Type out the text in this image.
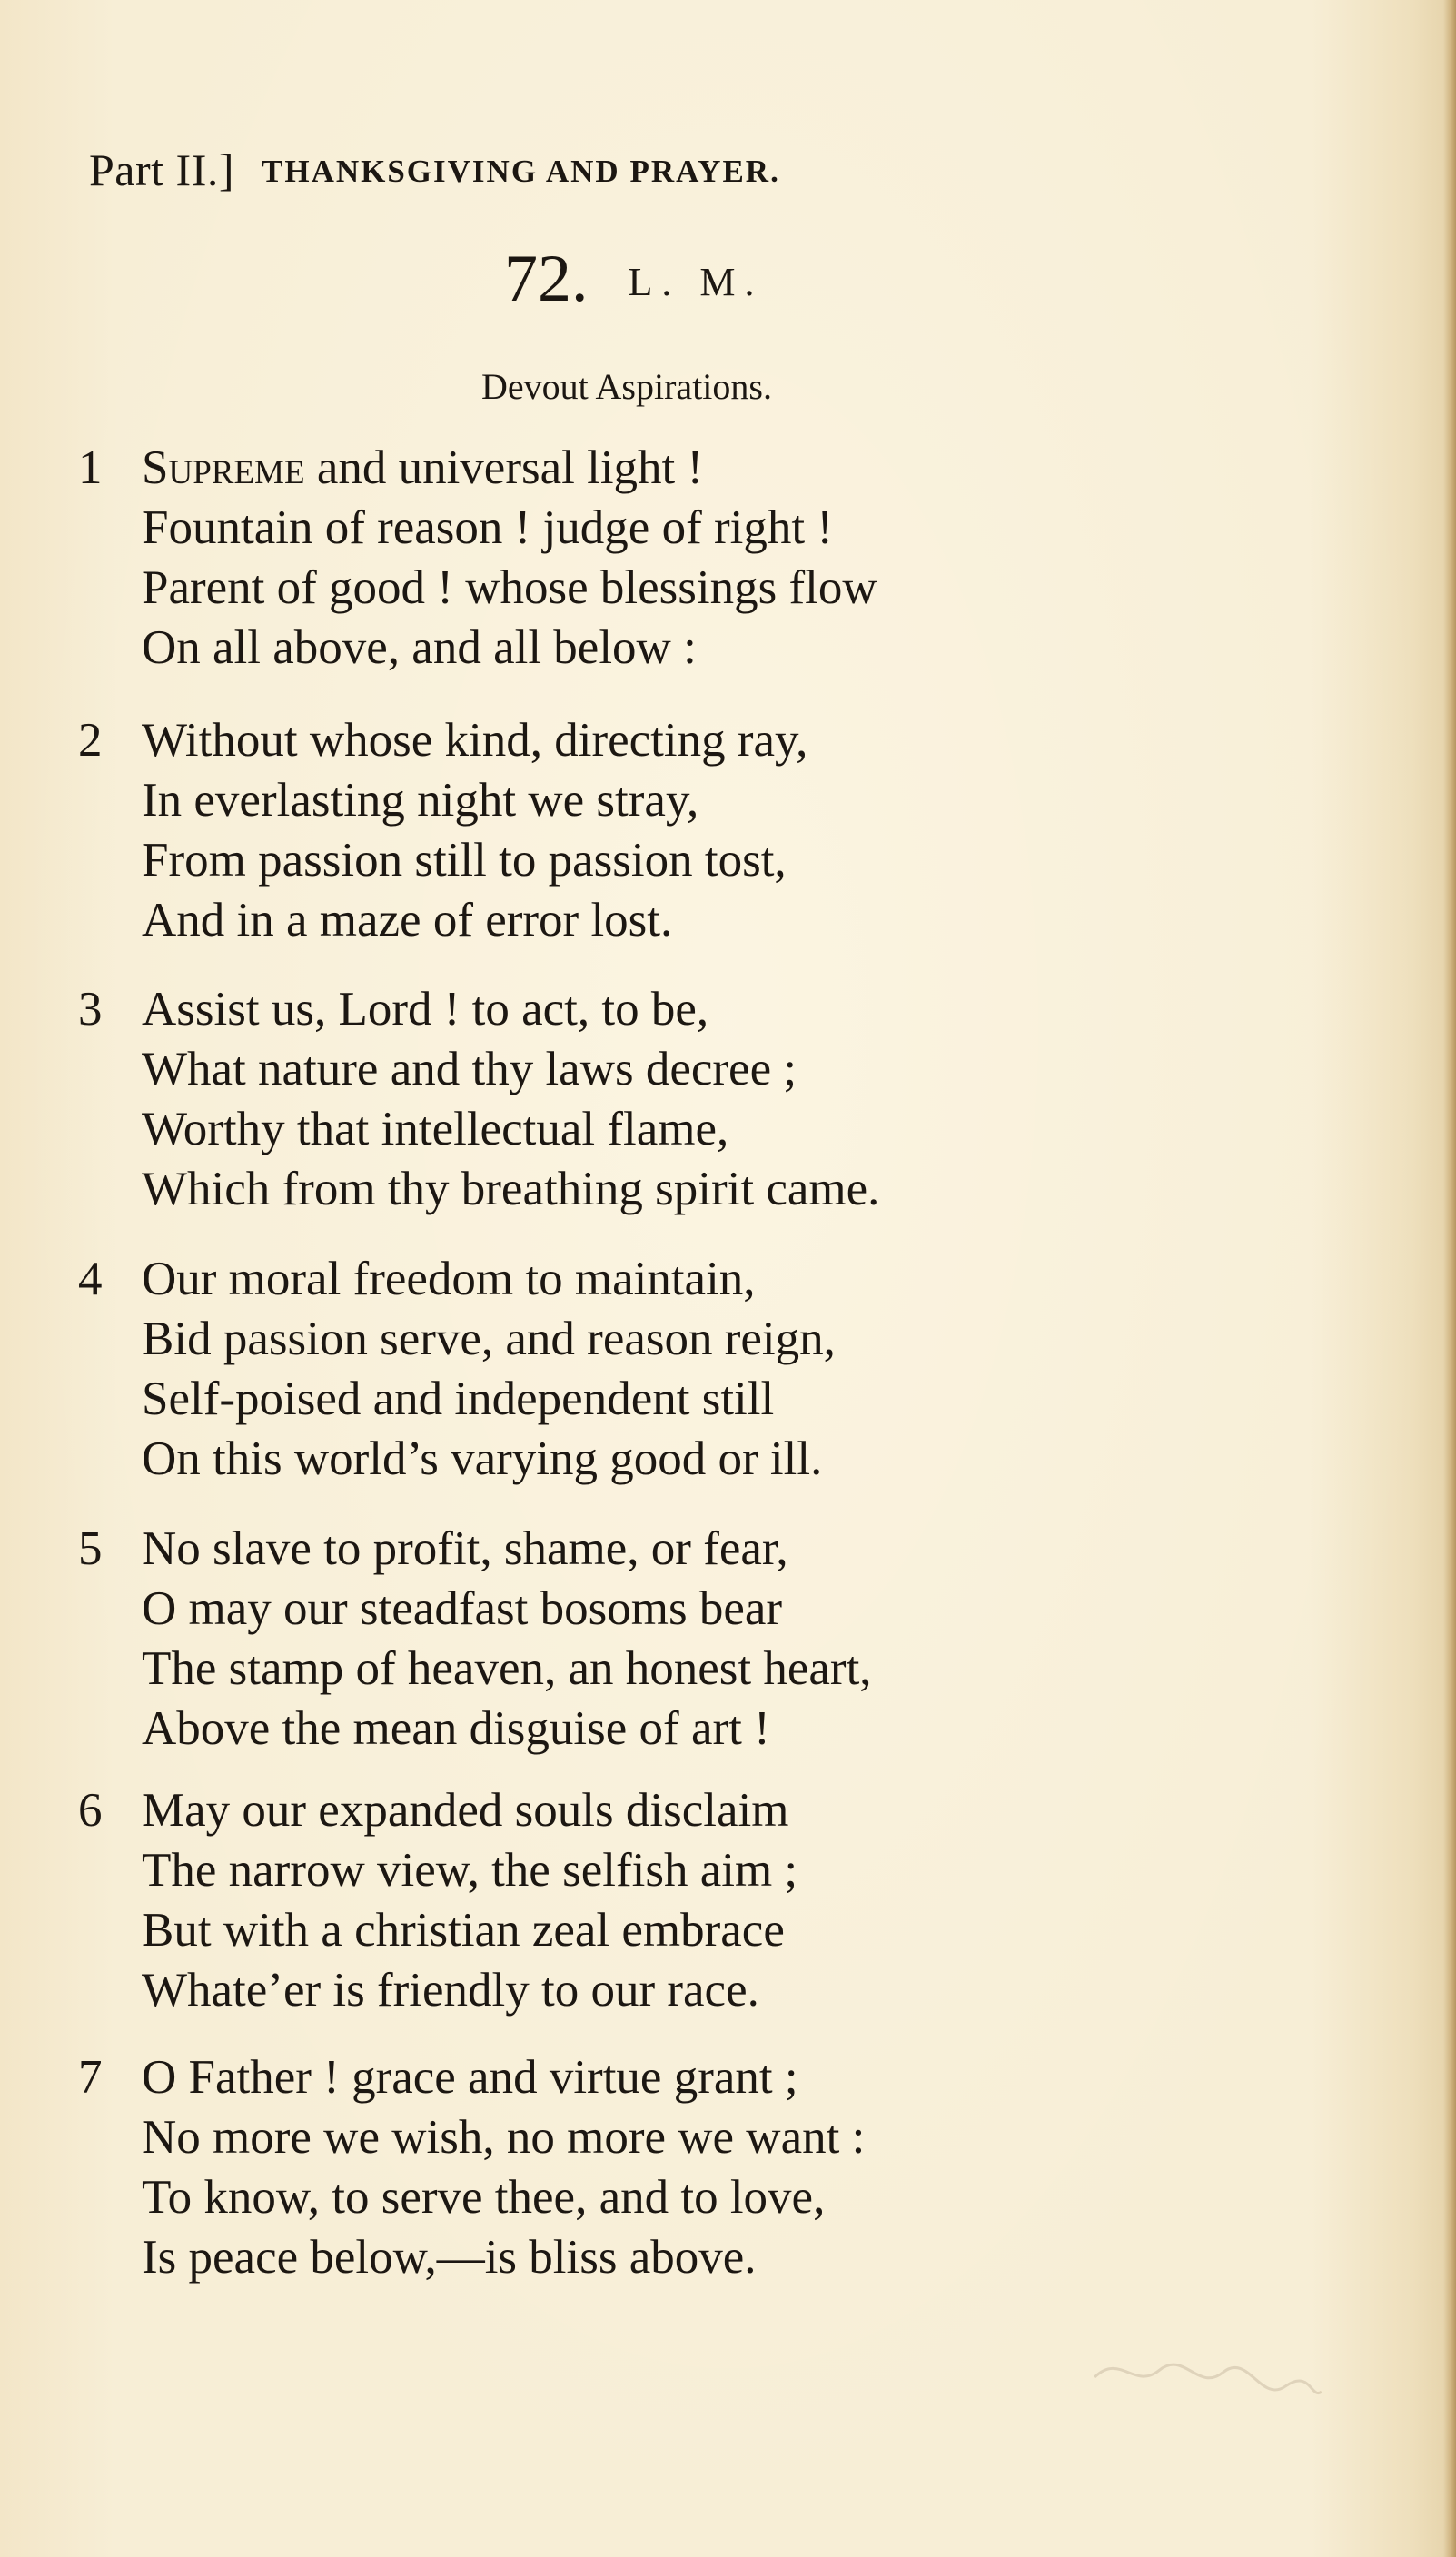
Part II.] THANKSGIVING AND PRAYER.
72. L. M.
Devout Aspirations.
1 Supreme and universal light !
Fountain of reason ! judge of right !
Parent of good ! whose blessings flow
On all above, and all below :
2 Without whose kind, directing ray,
In everlasting night we stray,
From passion still to passion tost,
And in a maze of error lost.
3 Assist us, Lord ! to act, to be,
What nature and thy laws decree ;
Worthy that intellectual flame,
Which from thy breathing spirit came.
4 Our moral freedom to maintain,
Bid passion serve, and reason reign,
Self-poised and independent still
On this world’s varying good or ill.
5 No slave to profit, shame, or fear,
O may our steadfast bosoms bear
The stamp of heaven, an honest heart,
Above the mean disguise of art !
6 May our expanded souls disclaim
The narrow view, the selfish aim ;
But with a christian zeal embrace
Whate’er is friendly to our race.
7 O Father ! grace and virtue grant ;
No more we wish, no more we want :
To know, to serve thee, and to love,
Is peace below,—is bliss above.
